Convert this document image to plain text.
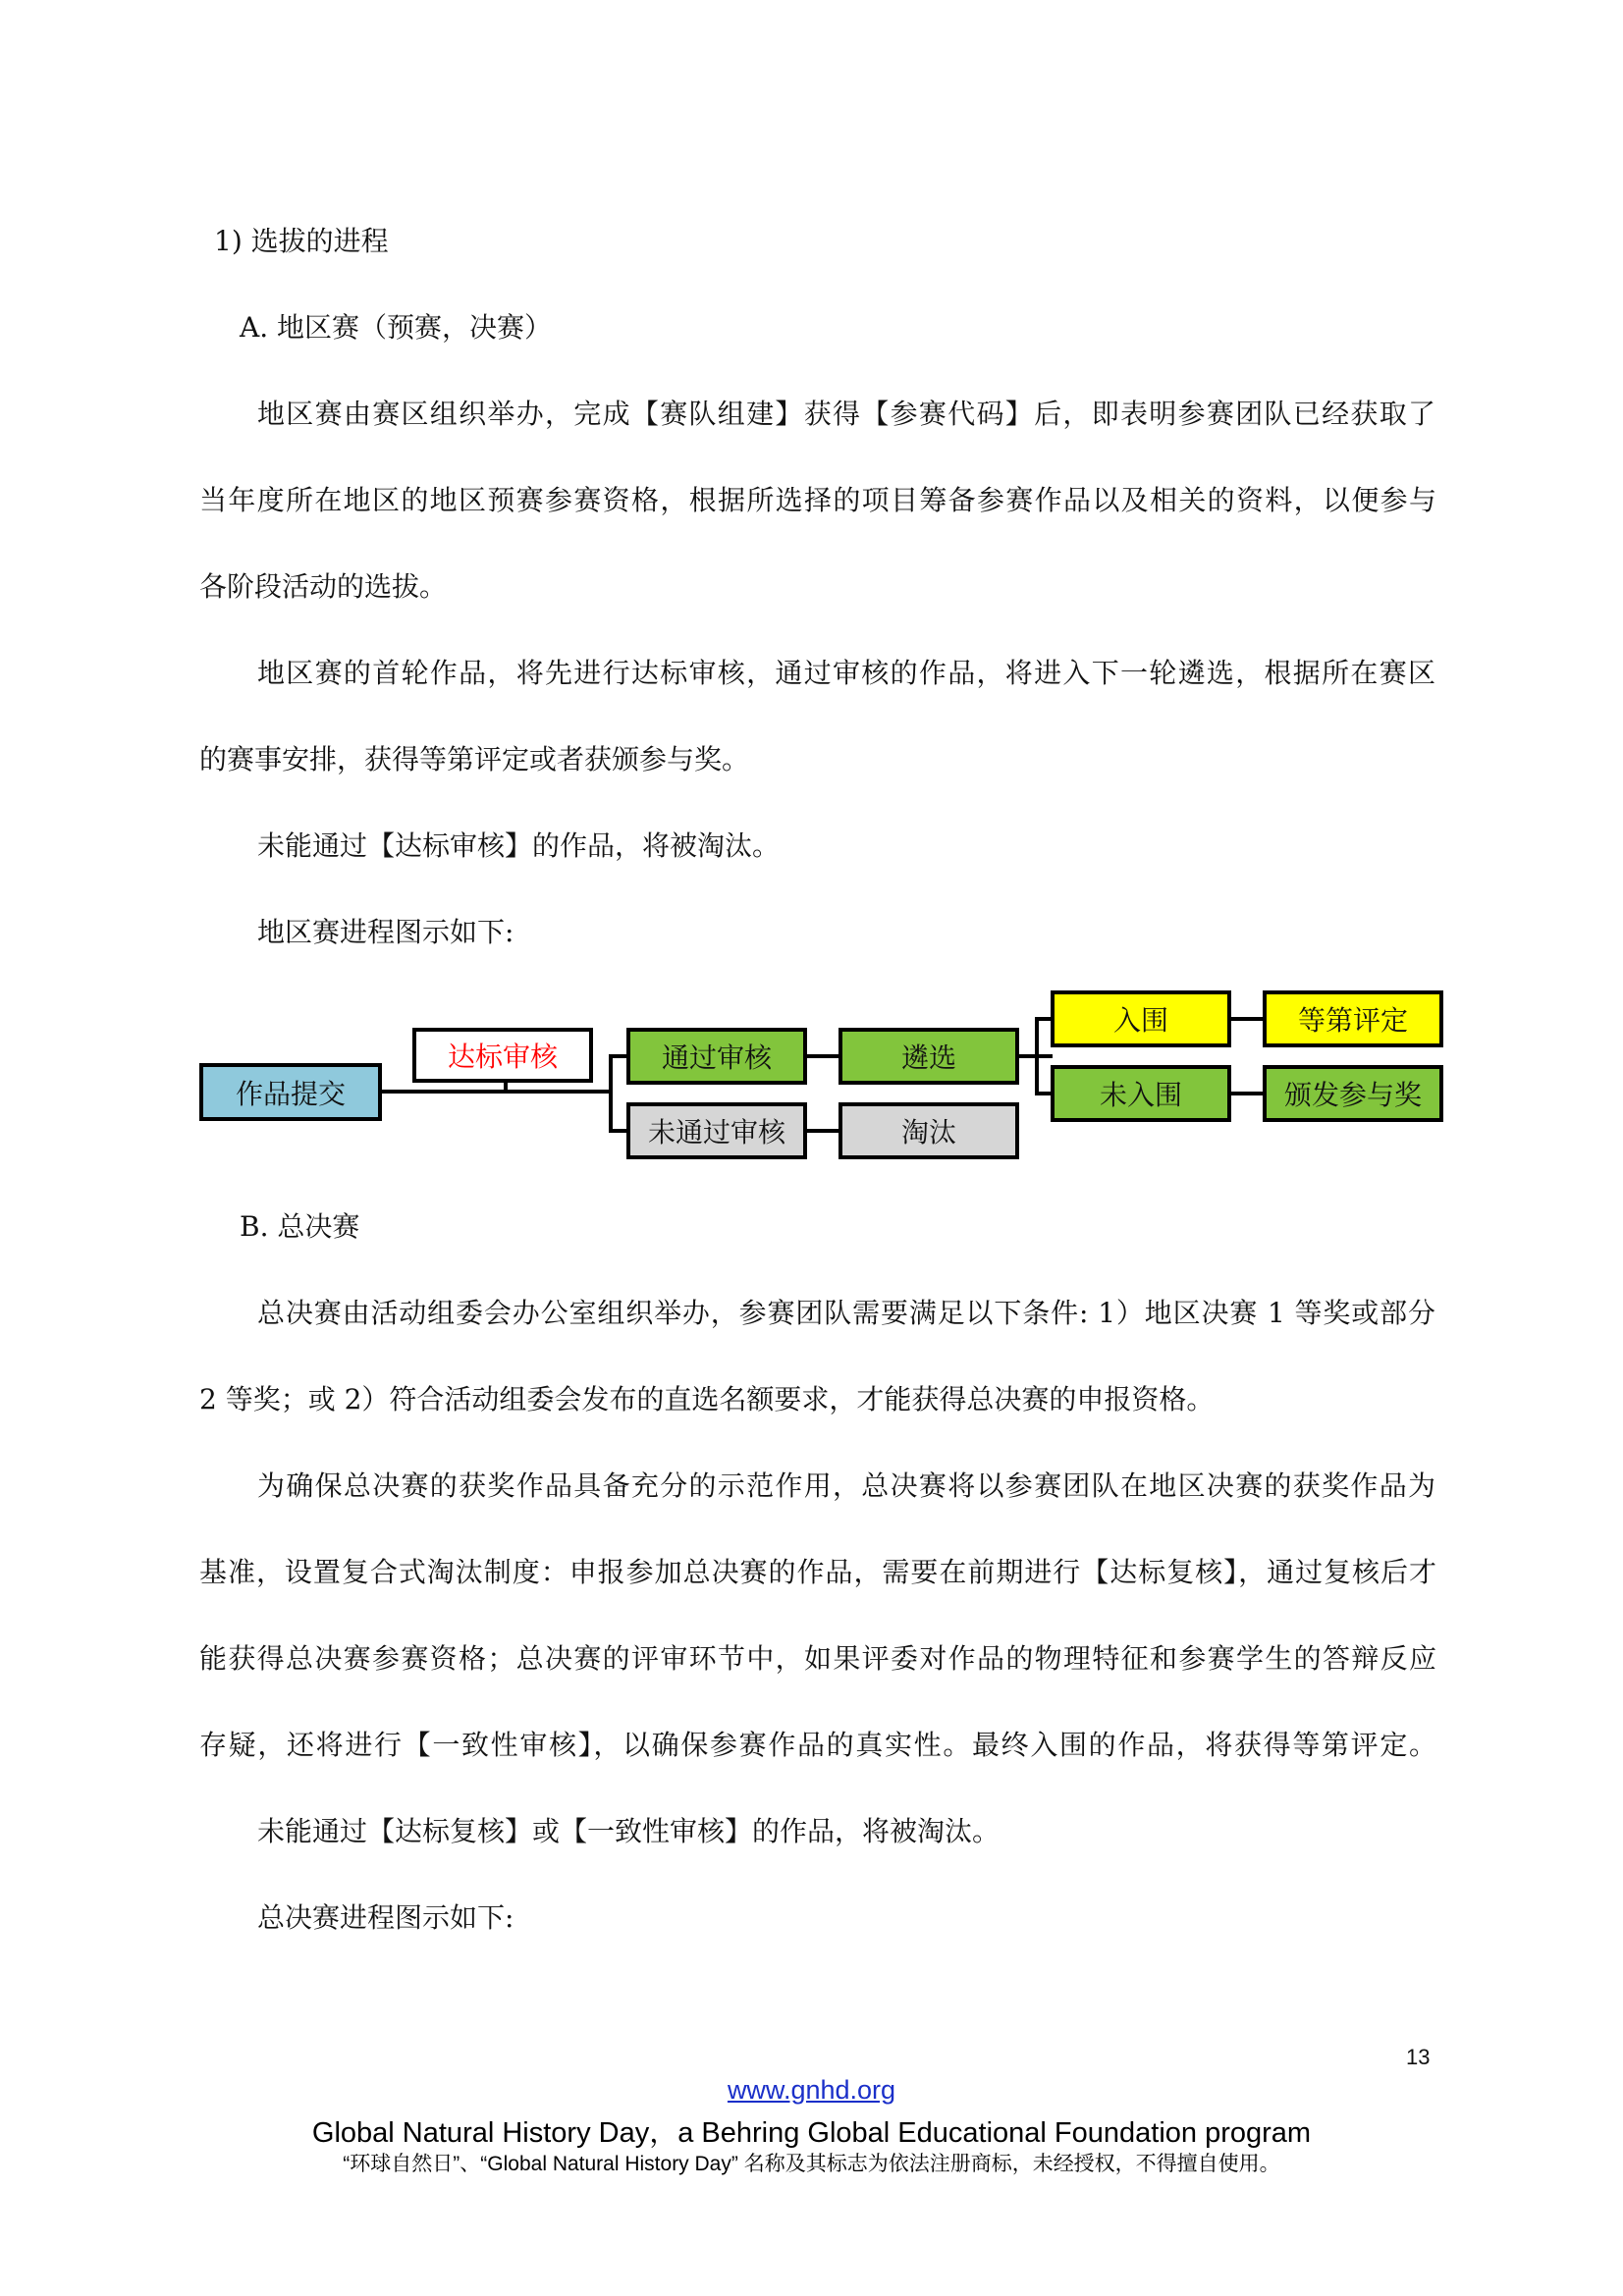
1) 选拔的进程
A. 地区赛（预赛，决赛）
地区赛由赛区组织举办，完成【赛队组建】获得【参赛代码】后，即表明参赛团队已经获取了
当年度所在地区的地区预赛参赛资格，根据所选择的项目筹备参赛作品以及相关的资料，以便参与
各阶段活动的选拔。
地区赛的首轮作品，将先进行达标审核，通过审核的作品，将进入下一轮遴选，根据所在赛区
的赛事安排，获得等第评定或者获颁参与奖。
未能通过【达标审核】的作品，将被淘汰。
地区赛进程图示如下:
作品提交
达标审核	通过审核
未通过审核
遴选
淘汰
入围
未入围
等第评定
颁发参与奖
B. 总决赛
总决赛由活动组委会办公室组织举办，参赛团队需要满足以下条件: 1）地区决赛 1 等奖或部分
2 等奖；或 2）符合活动组委会发布的直选名额要求，才能获得总决赛的申报资格。
为确保总决赛的获奖作品具备充分的示范作用，总决赛将以参赛团队在地区决赛的获奖作品为
基准，设置复合式淘汰制度：申报参加总决赛的作品，需要在前期进行【达标复核】，通过复核后才
能获得总决赛参赛资格；总决赛的评审环节中，如果评委对作品的物理特征和参赛学生的答辩反应
存疑，还将进行【一致性审核】，以确保参赛作品的真实性。最终入围的作品，将获得等第评定。
未能通过【达标复核】或【一致性审核】的作品，将被淘汰。
总决赛进程图示如下:
13
www.gnhd.org
Global Natural History Day，a Behring Global Educational Foundation program
“环球自然日”、“Global Natural History Day” 名称及其标志为依法注册商标，未经授权，不得擅自使用。
